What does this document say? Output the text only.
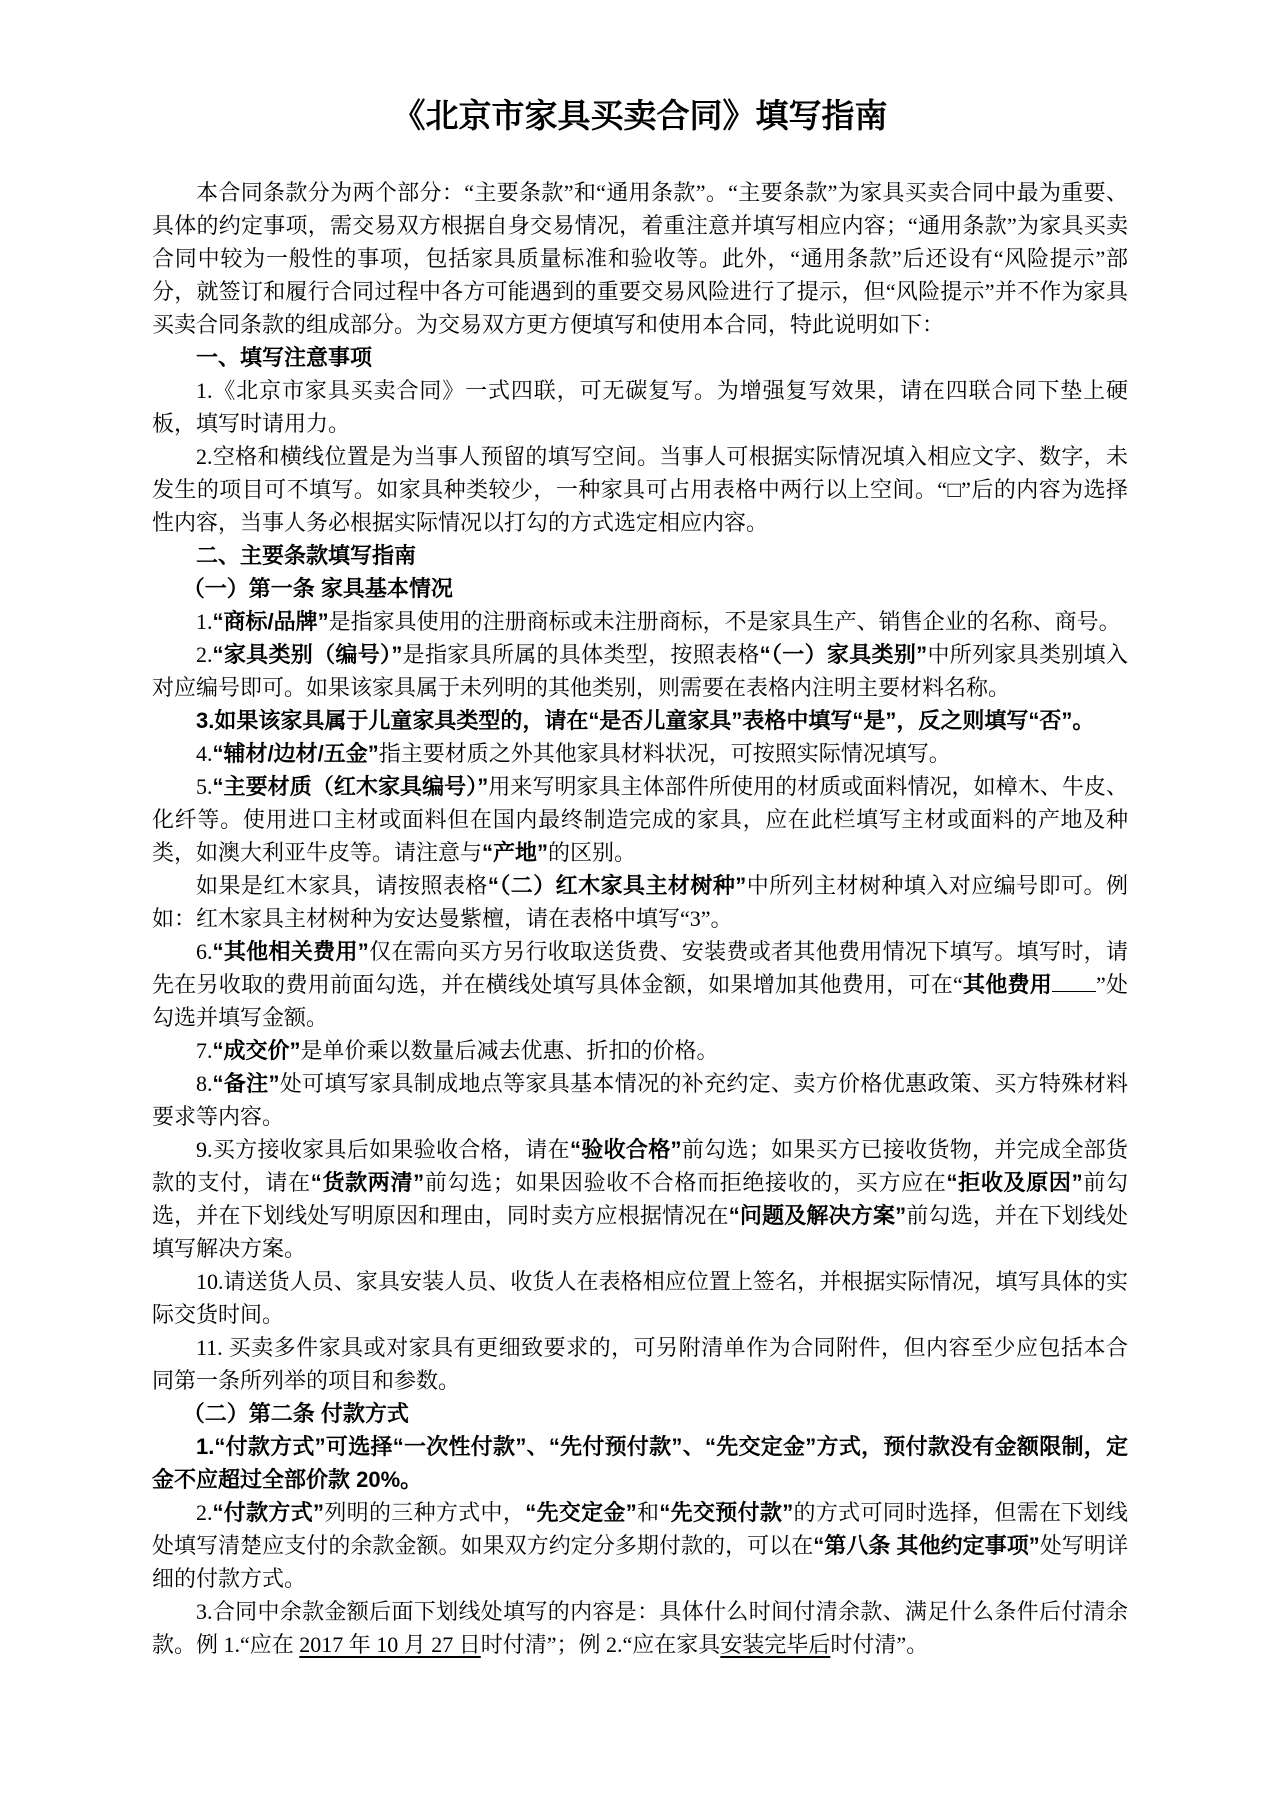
《北京市家具买卖合同》填写指南

本合同条款分为两个部分：“主要条款”和“通用条款”。“主要条款”为家具买卖合同中最为重要、具体的约定事项，需交易双方根据自身交易情况，着重注意并填写相应内容；“通用条款”为家具买卖合同中较为一般性的事项，包括家具质量标准和验收等。此外，“通用条款”后还设有“风险提示”部分，就签订和履行合同过程中各方可能遇到的重要交易风险进行了提示，但“风险提示”并不作为家具买卖合同条款的组成部分。为交易双方更方便填写和使用本合同，特此说明如下：

一、填写注意事项

1.《北京市家具买卖合同》一式四联，可无碳复写。为增强复写效果，请在四联合同下垫上硬板，填写时请用力。

2.空格和横线位置是为当事人预留的填写空间。当事人可根据实际情况填入相应文字、数字，未发生的项目可不填写。如家具种类较少，一种家具可占用表格中两行以上空间。“□”后的内容为选择性内容，当事人务必根据实际情况以打勾的方式选定相应内容。

二、主要条款填写指南

（一）第一条 家具基本情况

1.“商标/品牌”是指家具使用的注册商标或未注册商标，不是家具生产、销售企业的名称、商号。

2.“家具类别（编号）”是指家具所属的具体类型，按照表格“（一）家具类别”中所列家具类别填入对应编号即可。如果该家具属于未列明的其他类别，则需要在表格内注明主要材料名称。

3.如果该家具属于儿童家具类型的，请在“是否儿童家具”表格中填写“是”，反之则填写“否”。

4.“辅材/边材/五金”指主要材质之外其他家具材料状况，可按照实际情况填写。

5.“主要材质（红木家具编号）”用来写明家具主体部件所使用的材质或面料情况，如樟木、牛皮、化纤等。使用进口主材或面料但在国内最终制造完成的家具，应在此栏填写主材或面料的产地及种类，如澳大利亚牛皮等。请注意与“产地”的区别。

如果是红木家具，请按照表格“（二）红木家具主材树种”中所列主材树种填入对应编号即可。例如：红木家具主材树种为安达曼紫檀，请在表格中填写“3”。

6.“其他相关费用”仅在需向买方另行收取送货费、安装费或者其他费用情况下填写。填写时，请先在另收取的费用前面勾选，并在横线处填写具体金额，如果增加其他费用，可在“其他费用 ”处勾选并填写金额。

7.“成交价”是单价乘以数量后减去优惠、折扣的价格。

8.“备注”处可填写家具制成地点等家具基本情况的补充约定、卖方价格优惠政策、买方特殊材料要求等内容。

9.买方接收家具后如果验收合格，请在“验收合格”前勾选；如果买方已接收货物，并完成全部货款的支付，请在“货款两清”前勾选；如果因验收不合格而拒绝接收的，买方应在“拒收及原因”前勾选，并在下划线处写明原因和理由，同时卖方应根据情况在“问题及解决方案”前勾选，并在下划线处填写解决方案。

10.请送货人员、家具安装人员、收货人在表格相应位置上签名，并根据实际情况，填写具体的实际交货时间。

11. 买卖多件家具或对家具有更细致要求的，可另附清单作为合同附件，但内容至少应包括本合同第一条所列举的项目和参数。

（二）第二条 付款方式

1.“付款方式”可选择“一次性付款”、“先付预付款”、“先交定金”方式，预付款没有金额限制，定金不应超过全部价款 20%。

2.“付款方式”列明的三种方式中，“先交定金”和“先交预付款”的方式可同时选择，但需在下划线处填写清楚应支付的余款金额。如果双方约定分多期付款的，可以在“第八条 其他约定事项”处写明详细的付款方式。

3.合同中余款金额后面下划线处填写的内容是：具体什么时间付清余款、满足什么条件后付清余款。例 1.“应在 2017 年 10 月 27 日时付清”；例 2.“应在家具安装完毕后时付清”。
